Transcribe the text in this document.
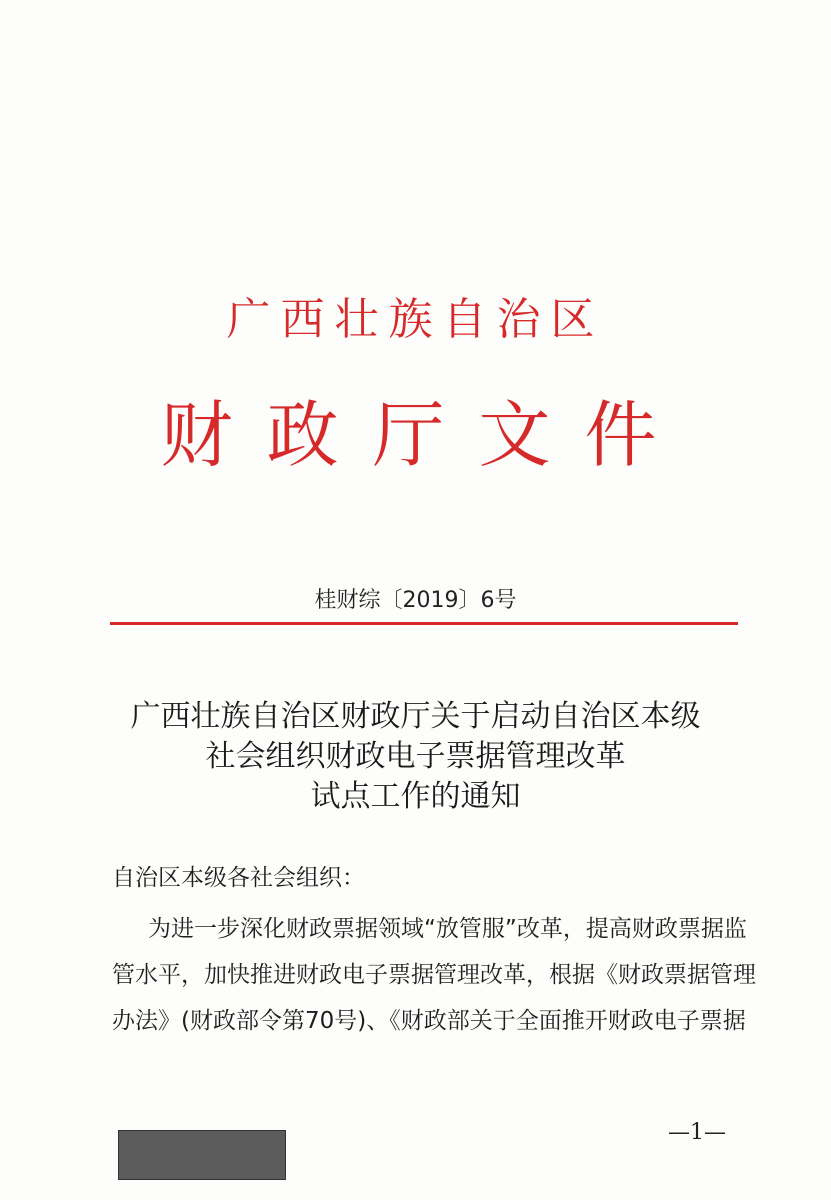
广西壮族自治区
财政厅文件
桂财综〔2019〕6号
广西壮族自治区财政厅关于启动自治区本级
社会组织财政电子票据管理改革
试点工作的通知
自治区本级各社会组织：
为进一步深化财政票据领域“放管服”改革，提高财政票据监
管水平，加快推进财政电子票据管理改革，根据《财政票据管理
办法》(财政部令第70号)、《财政部关于全面推开财政电子票据
—1—
